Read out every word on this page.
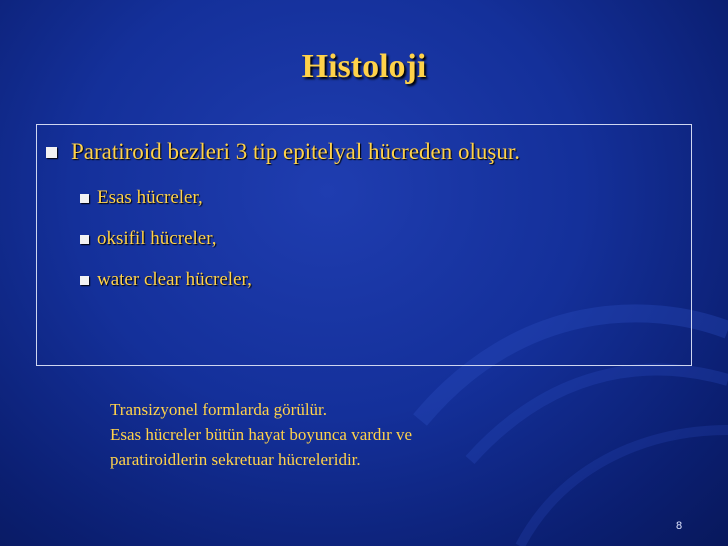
Histoloji
Paratiroid bezleri 3 tip epitelyal hücreden oluşur.
Esas hücreler,
oksifil hücreler,
water clear hücreler,
Transizyonel formlarda görülür.
Esas hücreler bütün hayat boyunca vardır ve
paratiroidlerin sekretuar hücreleridir.
8
